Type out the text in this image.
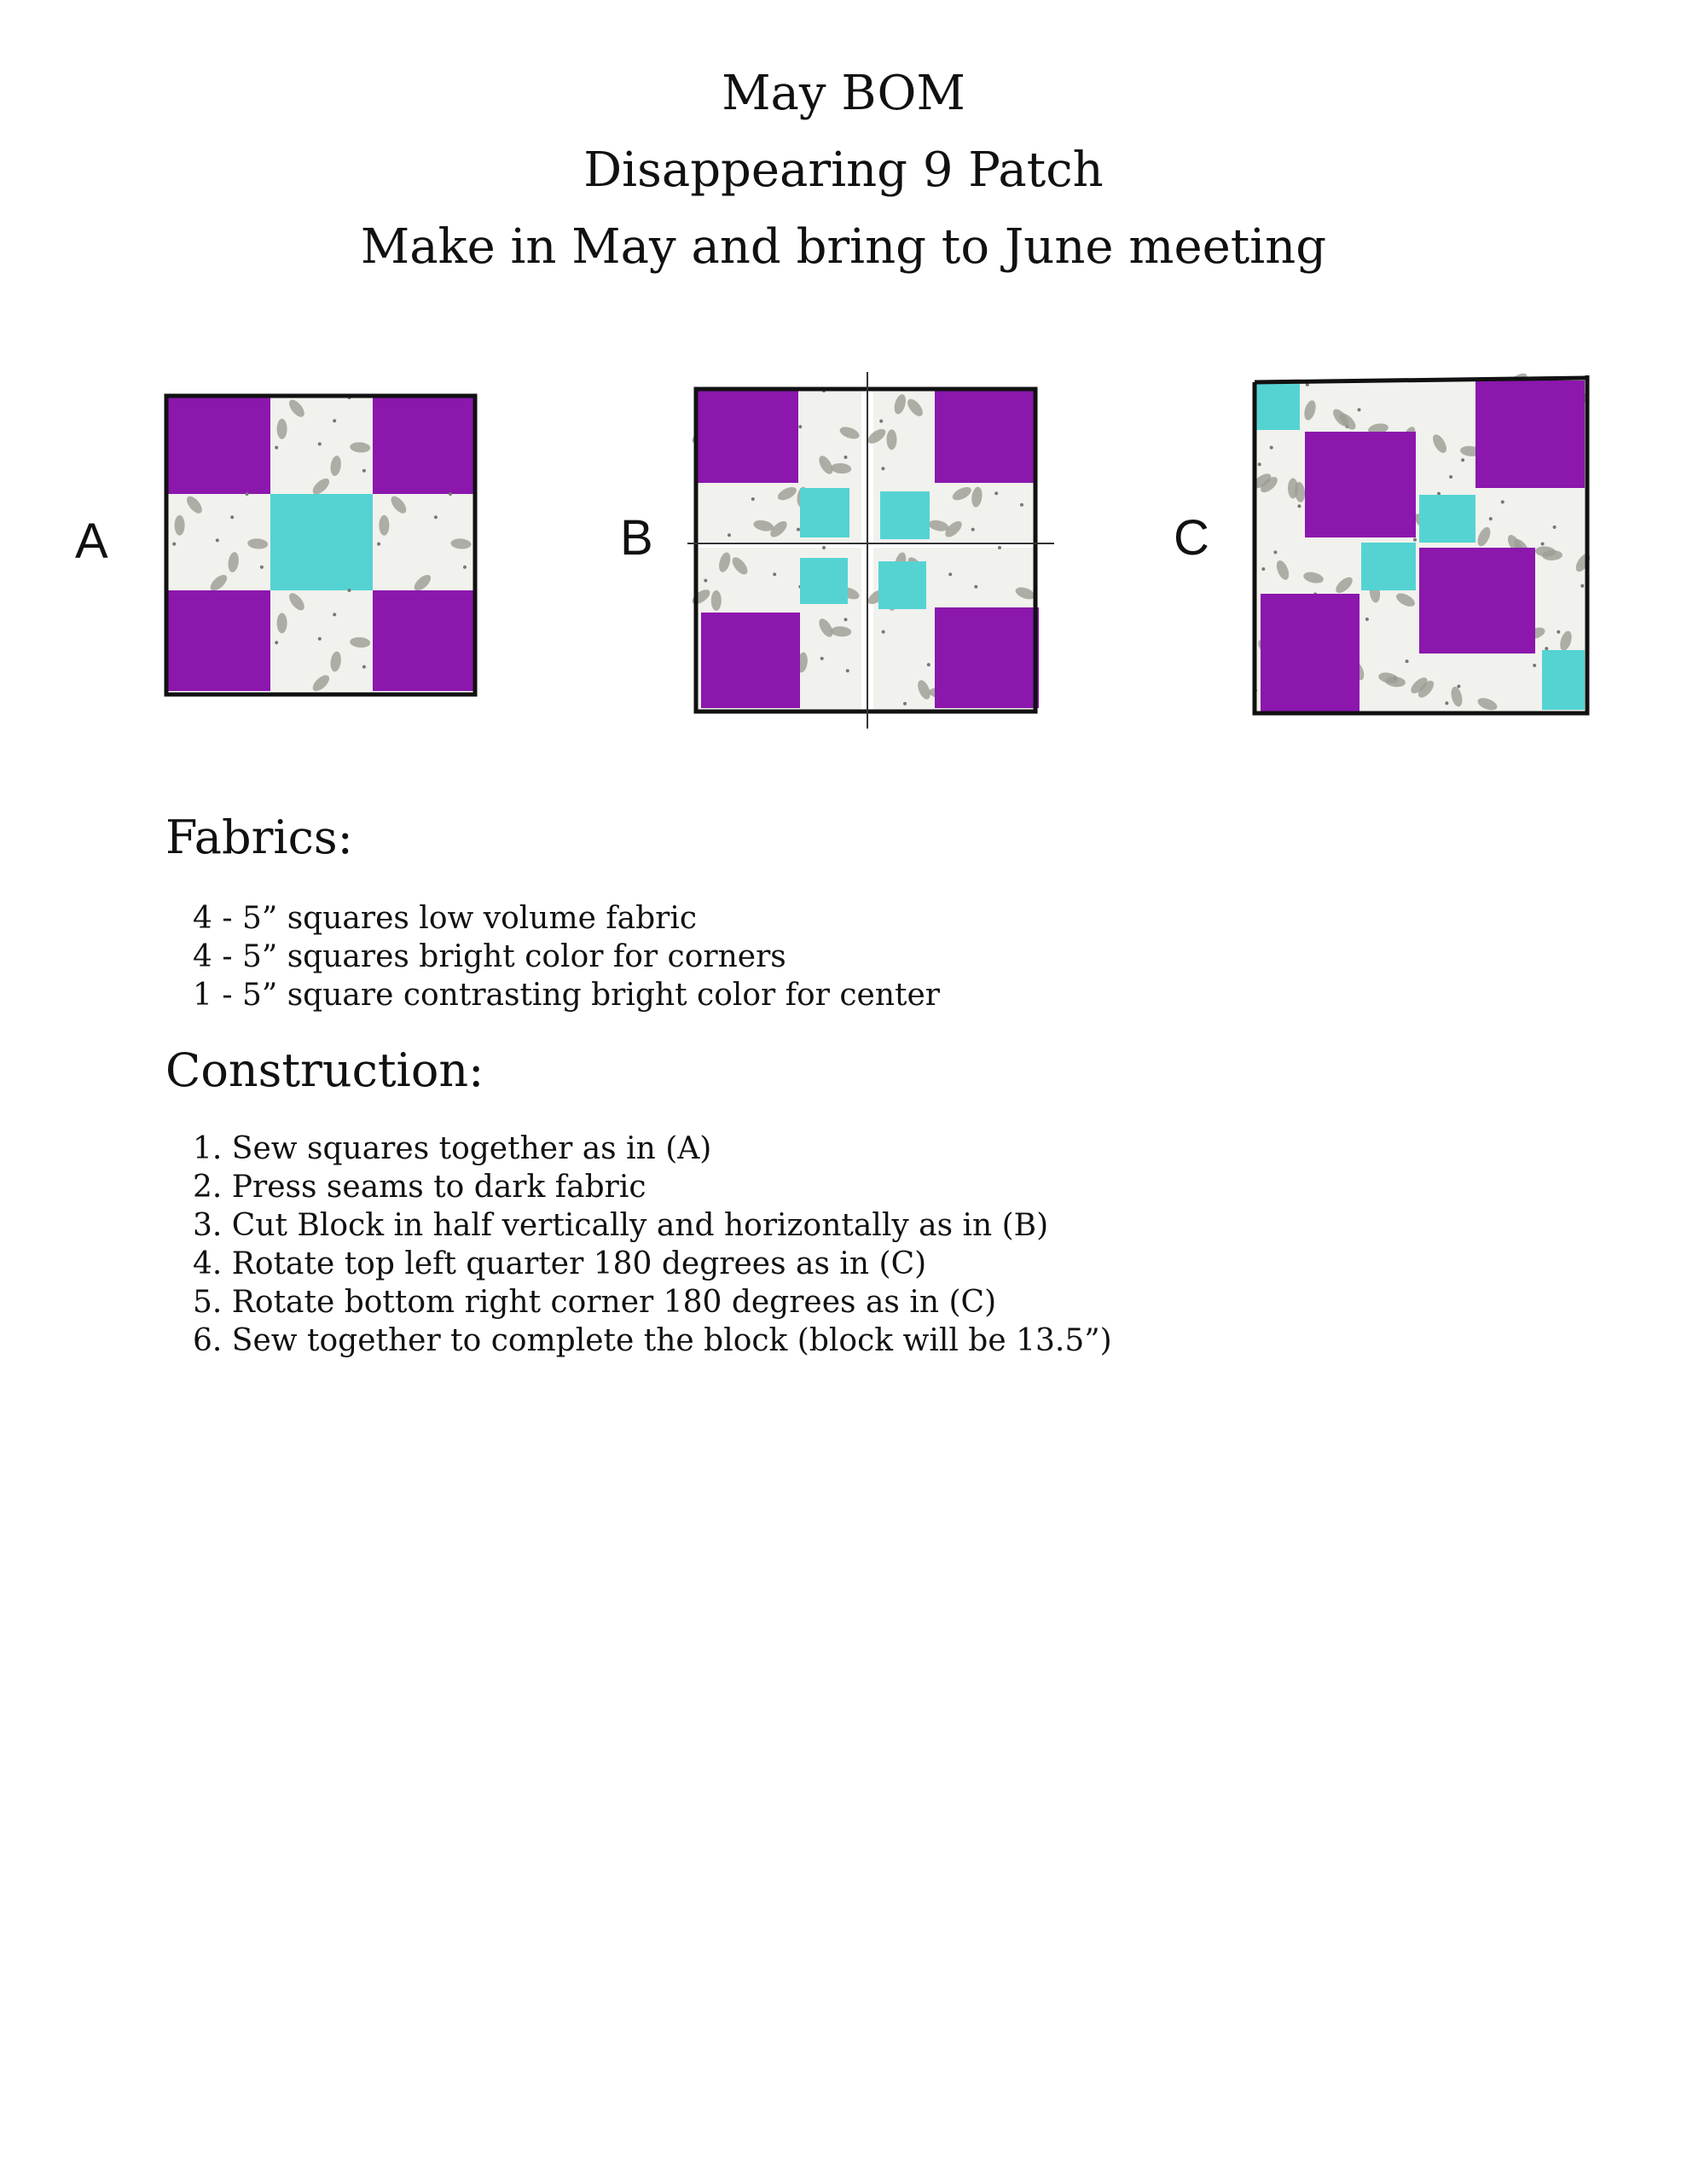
May BOM
Disappearing 9 Patch
Make in May and bring to June meeting
A	B	C
Fabrics:
4 - 5” squares low volume fabric
4 - 5” squares bright color for corners
1 - 5” square contrasting bright color for center
Construction:
1. Sew squares together as in (A)
2. Press seams to dark fabric
3. Cut Block in half vertically and horizontally as in (B)
4. Rotate top left quarter 180 degrees as in (C)
5. Rotate bottom right corner 180 degrees as in (C)
6. Sew together to complete the block (block will be 13.5”)
